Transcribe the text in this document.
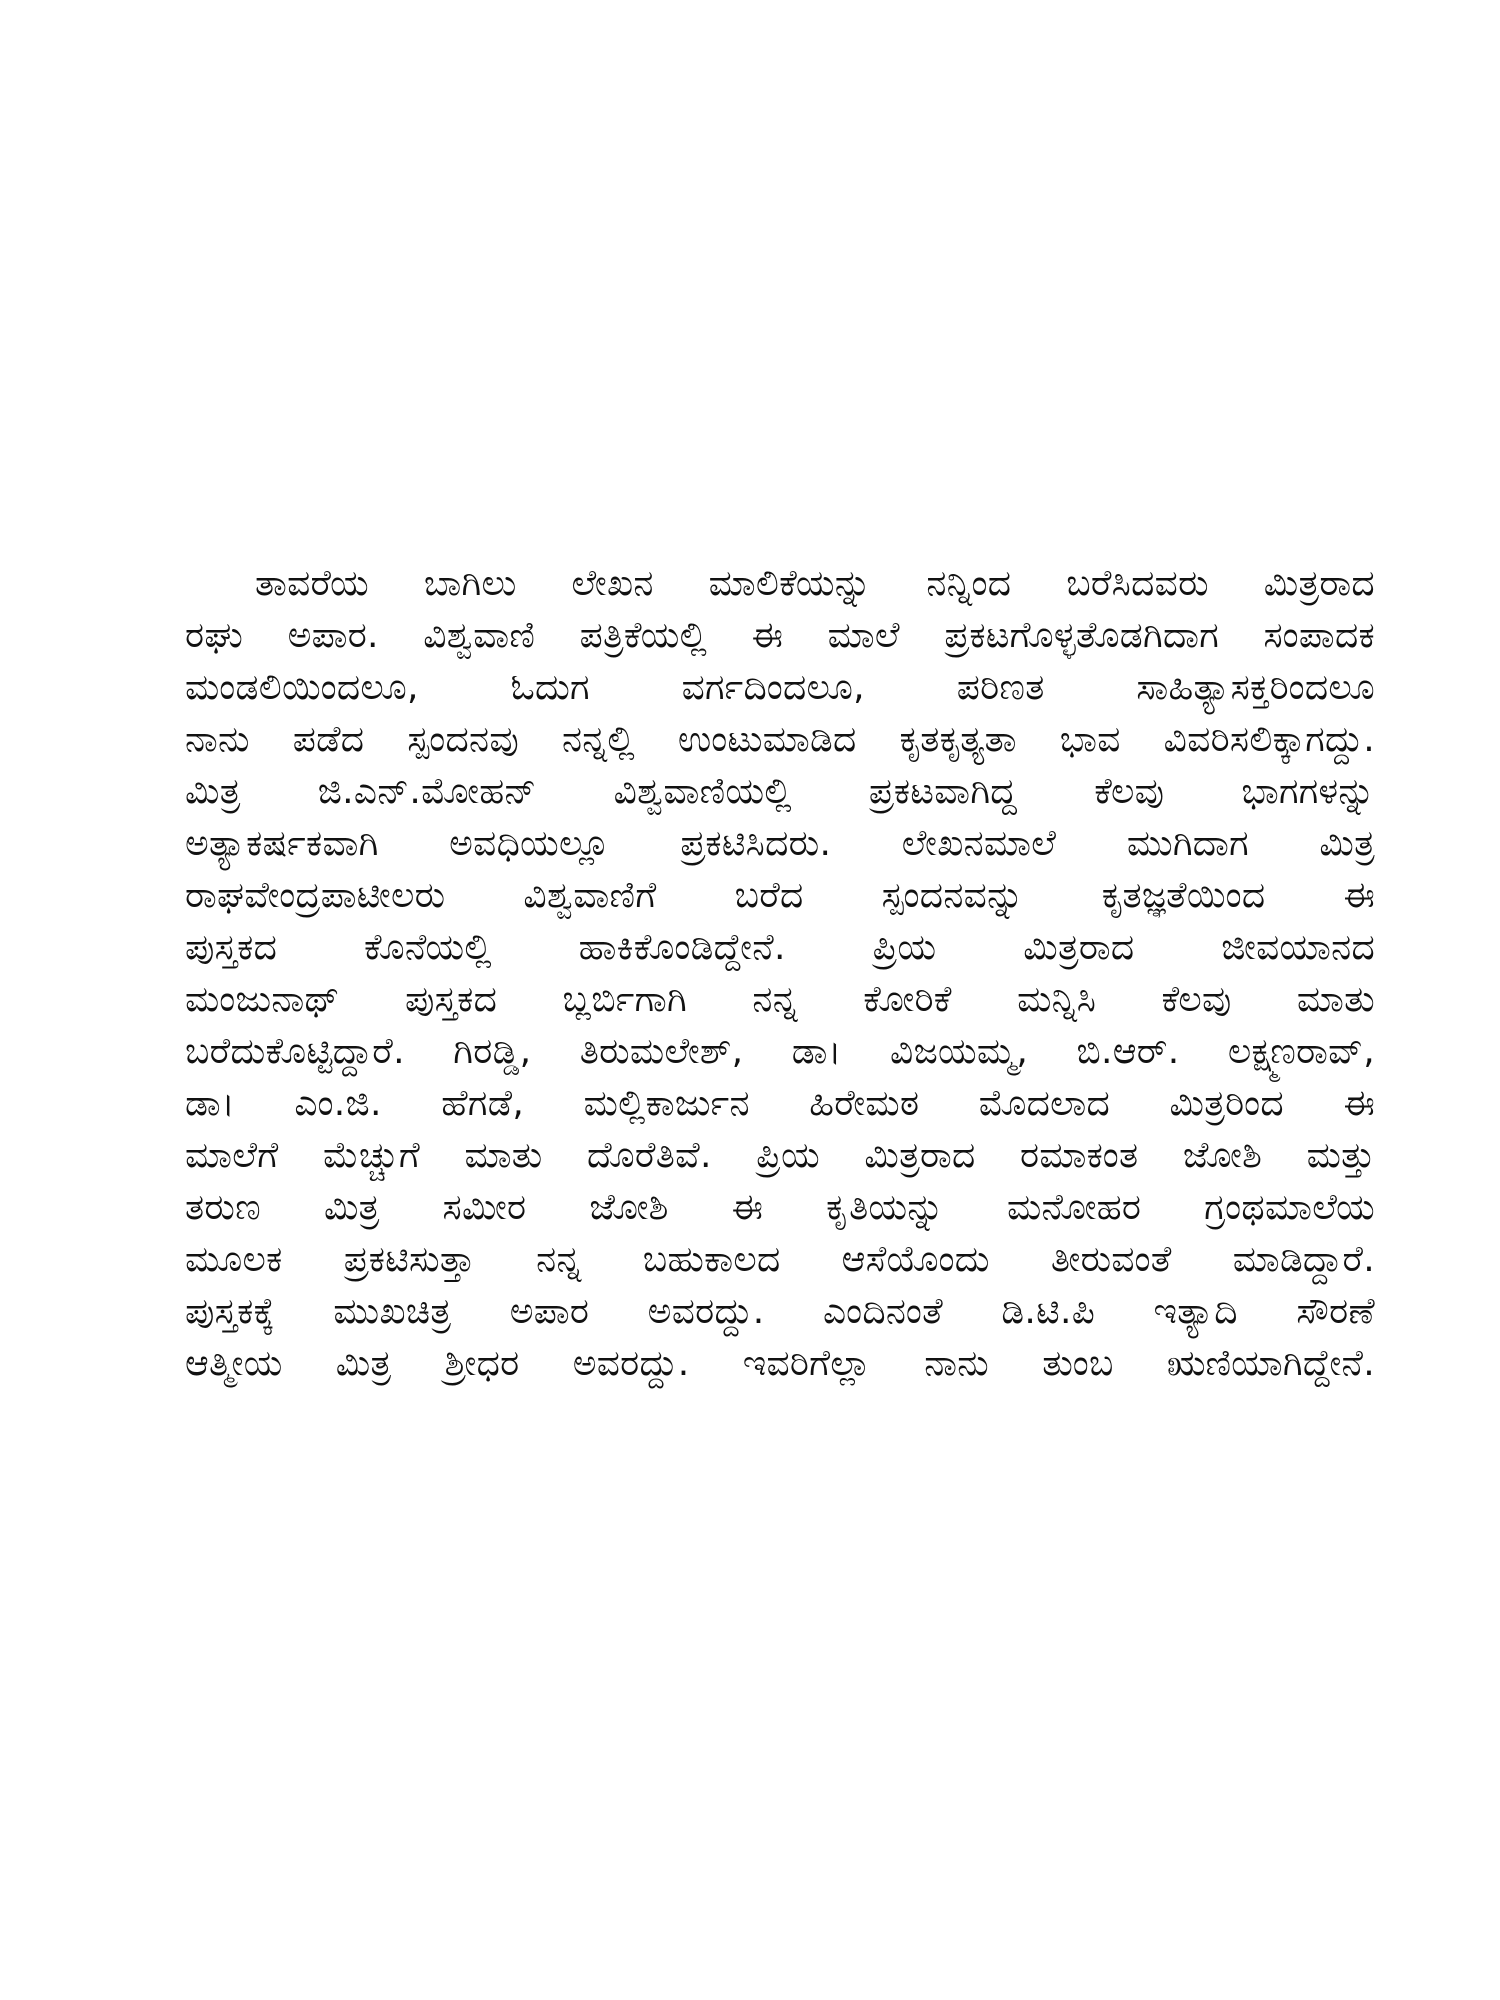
ತಾವರೆಯ ಬಾಗಿಲು ಲೇಖನ ಮಾಲಿಕೆಯನ್ನು ನನ್ನಿಂದ ಬರೆಸಿದವರು ಮಿತ್ರರಾದ
ರಘು ಅಪಾರ. ವಿಶ್ವವಾಣಿ ಪತ್ರಿಕೆಯಲ್ಲಿ ಈ ಮಾಲೆ ಪ್ರಕಟಗೊಳ್ಳತೊಡಗಿದಾಗ ಸಂಪಾದಕ
ಮಂಡಲಿಯಿಂದಲೂ, ಓದುಗ ವರ್ಗದಿಂದಲೂ, ಪರಿಣತ ಸಾಹಿತ್ಯಾಸಕ್ತರಿಂದಲೂ
ನಾನು ಪಡೆದ ಸ್ಪಂದನವು ನನ್ನಲ್ಲಿ ಉಂಟುಮಾಡಿದ ಕೃತಕೃತ್ಯತಾ ಭಾವ ವಿವರಿಸಲಿಕ್ಕಾಗದ್ದು.
ಮಿತ್ರ ಜಿ.ಎನ್.ಮೋಹನ್ ವಿಶ್ವವಾಣಿಯಲ್ಲಿ ಪ್ರಕಟವಾಗಿದ್ದ ಕೆಲವು ಭಾಗಗಳನ್ನು
ಅತ್ಯಾಕರ್ಷಕವಾಗಿ ಅವಧಿಯಲ್ಲೂ ಪ್ರಕಟಿಸಿದರು. ಲೇಖನಮಾಲೆ ಮುಗಿದಾಗ ಮಿತ್ರ
ರಾಘವೇಂದ್ರಪಾಟೀಲರು ವಿಶ್ವವಾಣಿಗೆ ಬರೆದ ಸ್ಪಂದನವನ್ನು ಕೃತಜ್ಞತೆಯಿಂದ ಈ
ಪುಸ್ತಕದ ಕೊನೆಯಲ್ಲಿ ಹಾಕಿಕೊಂಡಿದ್ದೇನೆ. ಪ್ರಿಯ ಮಿತ್ರರಾದ ಜೀವಯಾನದ
ಮಂಜುನಾಥ್ ಪುಸ್ತಕದ ಬ್ಲರ್ಬಿಗಾಗಿ ನನ್ನ ಕೋರಿಕೆ ಮನ್ನಿಸಿ ಕೆಲವು ಮಾತು
ಬರೆದುಕೊಟ್ಟಿದ್ದಾರೆ. ಗಿರಡ್ಡಿ, ತಿರುಮಲೇಶ್, ಡಾ। ವಿಜಯಮ್ಮ, ಬಿ.ಆರ್. ಲಕ್ಷ್ಮಣರಾವ್,
ಡಾ। ಎಂ.ಜಿ. ಹೆಗಡೆ, ಮಲ್ಲಿಕಾರ್ಜುನ ಹಿರೇಮಠ ಮೊದಲಾದ ಮಿತ್ರರಿಂದ ಈ
ಮಾಲೆಗೆ ಮೆಚ್ಚುಗೆ ಮಾತು ದೊರೆತಿವೆ. ಪ್ರಿಯ ಮಿತ್ರರಾದ ರಮಾಕಂತ ಜೋಶಿ ಮತ್ತು
ತರುಣ ಮಿತ್ರ ಸಮೀರ ಜೋಶಿ ಈ ಕೃತಿಯನ್ನು ಮನೋಹರ ಗ್ರಂಥಮಾಲೆಯ
ಮೂಲಕ ಪ್ರಕಟಿಸುತ್ತಾ ನನ್ನ ಬಹುಕಾಲದ ಆಸೆಯೊಂದು ತೀರುವಂತೆ ಮಾಡಿದ್ದಾರೆ.
ಪುಸ್ತಕಕ್ಕೆ ಮುಖಚಿತ್ರ ಅಪಾರ ಅವರದ್ದು. ಎಂದಿನಂತೆ ಡಿ.ಟಿ.ಪಿ ಇತ್ಯಾದಿ ಸೌರಣೆ
ಆತ್ಮೀಯ ಮಿತ್ರ ಶ್ರೀಧರ ಅವರದ್ದು. ಇವರಿಗೆಲ್ಲಾ ನಾನು ತುಂಬ ಋಣಿಯಾಗಿದ್ದೇನೆ.
